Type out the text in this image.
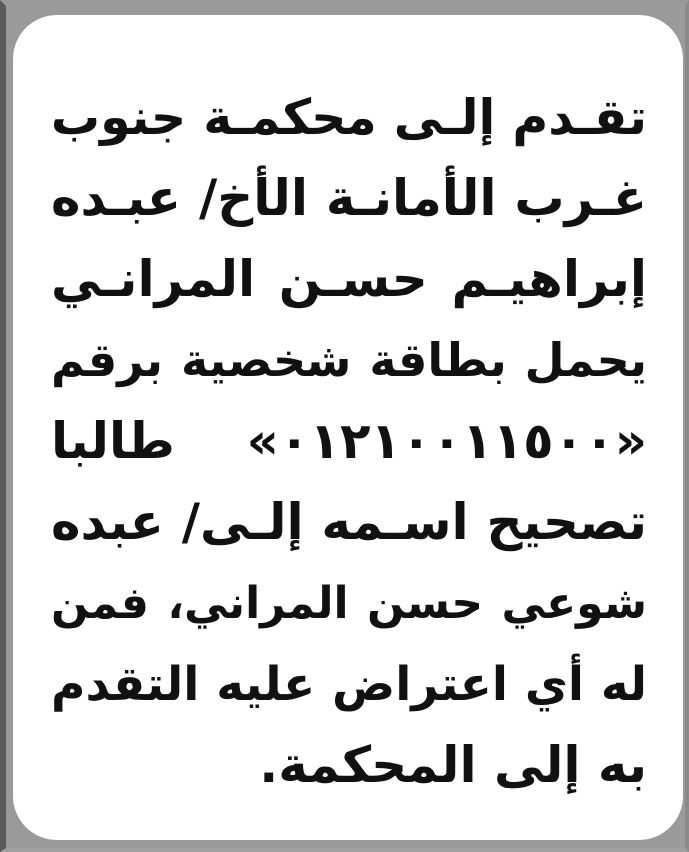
تقـدم إلـى محكمـة جنوب
غـرب الأمانـة الأخ/ عبـده
إبراهيـم حسـن المرانـي
يحمل بطاقة شخصية برقم
«٠١٢١٠٠١١٥٠٠» طالبا
تصحيح اسـمه إلـى/ عبده
شوعي حسن المراني، فمن
له أي اعتراض عليه التقدم
به إلى المحكمة.
